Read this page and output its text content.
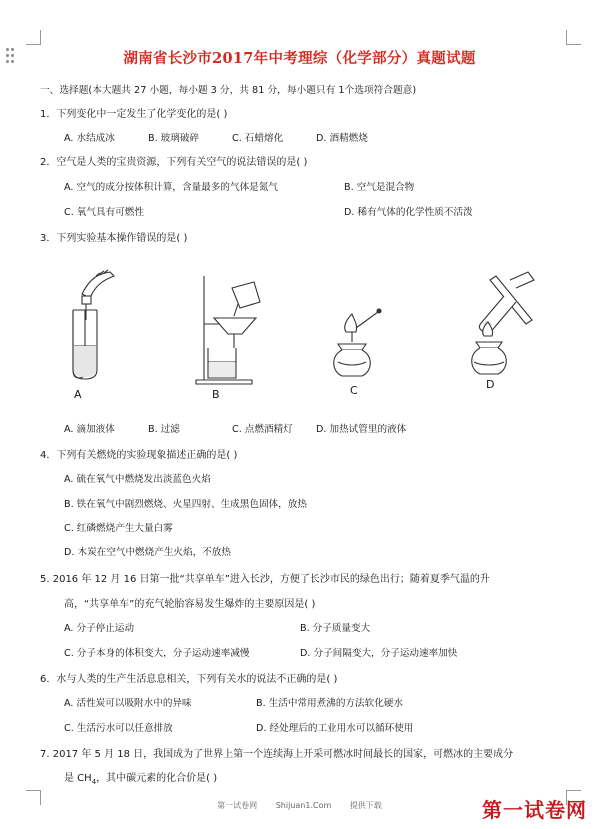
湖南省长沙市2017年中考理综（化学部分）真题试题
一、选择题(本大题共 27 小题，每小题 3 分，共 81 分，每小题只有 1个选项符合题意)
1．下列变化中一定发生了化学变化的是( )
A. 水结成冰	B. 玻璃破碎	C. 石蜡熔化	D. 酒精燃烧
2．空气是人类的宝贵资源，下列有关空气的说法错误的是( )
A. 空气的成分按体积计算，含量最多的气体是氮气	B. 空气是混合物
C. 氧气具有可燃性	D. 稀有气体的化学性质不活泼
3．下列实验基本操作错误的是( )
A	B	C	D
A. 滴加液体	B. 过滤	C. 点燃酒精灯 D. 加热试管里的液体
4．下列有关燃烧的实验现象描述正确的是( )
A. 硫在氧气中燃烧发出淡蓝色火焰
B. 铁在氧气中剧烈燃烧、火星四射、生成黑色固体，放热
C. 红磷燃烧产生大量白雾
D. 木炭在空气中燃烧产生火焰，不放热
5. 2016 年 12 月 16 日第一批“共享单车”进入长沙，方便了长沙市民的绿色出行；随着夏季气温的升
高，“共享单车”的充气轮胎容易发生爆炸的主要原因是( )
A. 分子停止运动	B. 分子质量变大
C. 分子本身的体积变大，分子运动速率减慢	D. 分子间隔变大，分子运动速率加快
6．水与人类的生产生活息息相关，下列有关水的说法不正确的是( )
A. 活性炭可以吸附水中的异味	B. 生活中常用煮沸的方法软化硬水
C. 生活污水可以任意排放	D. 经处理后的工业用水可以循环使用
7. 2017 年 5 月 18 日，我国成为了世界上第一个连续海上开采可燃冰时间最长的国家，可燃冰的主要成分
是 $CH_4$，其中碳元素的化合价是( )
第一试卷网 Shijuan1.Com 提供下载	第一试卷网
